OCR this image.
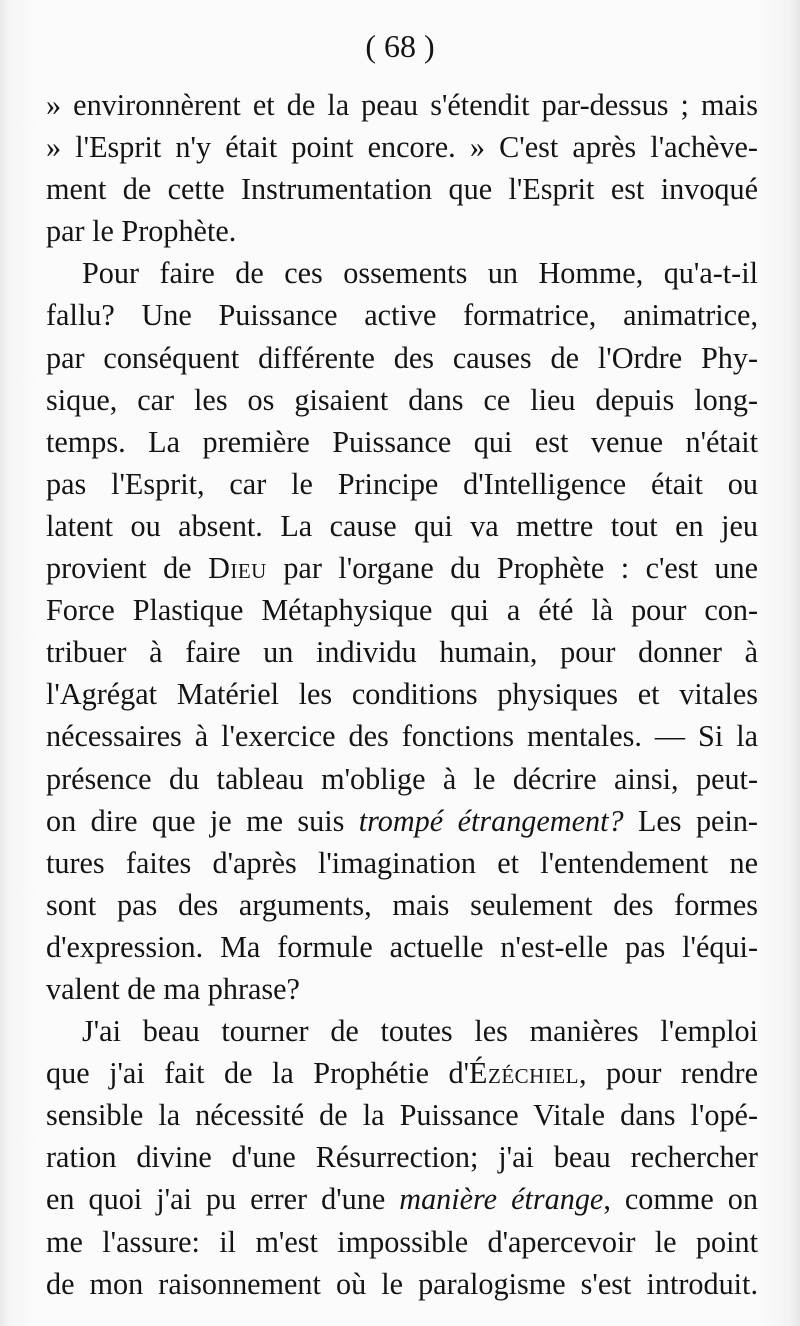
( 68 )
» environnèrent et de la peau s'étendit par-dessus ; mais
» l'Esprit n'y était point encore. » C'est après l'achève-
ment de cette Instrumentation que l'Esprit est invoqué
par le Prophète.
Pour faire de ces ossements un Homme, qu'a-t-il
fallu? Une Puissance active formatrice, animatrice,
par conséquent différente des causes de l'Ordre Phy-
sique, car les os gisaient dans ce lieu depuis long-
temps. La première Puissance qui est venue n'était
pas l'Esprit, car le Principe d'Intelligence était ou
latent ou absent. La cause qui va mettre tout en jeu
provient de Dieu par l'organe du Prophète : c'est une
Force Plastique Métaphysique qui a été là pour con-
tribuer à faire un individu humain, pour donner à
l'Agrégat Matériel les conditions physiques et vitales
nécessaires à l'exercice des fonctions mentales. — Si la
présence du tableau m'oblige à le décrire ainsi, peut-
on dire que je me suis trompé étrangement? Les pein-
tures faites d'après l'imagination et l'entendement ne
sont pas des arguments, mais seulement des formes
d'expression. Ma formule actuelle n'est-elle pas l'équi-
valent de ma phrase?
J'ai beau tourner de toutes les manières l'emploi
que j'ai fait de la Prophétie d'Ézéchiel, pour rendre
sensible la nécessité de la Puissance Vitale dans l'opé-
ration divine d'une Résurrection; j'ai beau rechercher
en quoi j'ai pu errer d'une manière étrange, comme on
me l'assure: il m'est impossible d'apercevoir le point
de mon raisonnement où le paralogisme s'est introduit.
